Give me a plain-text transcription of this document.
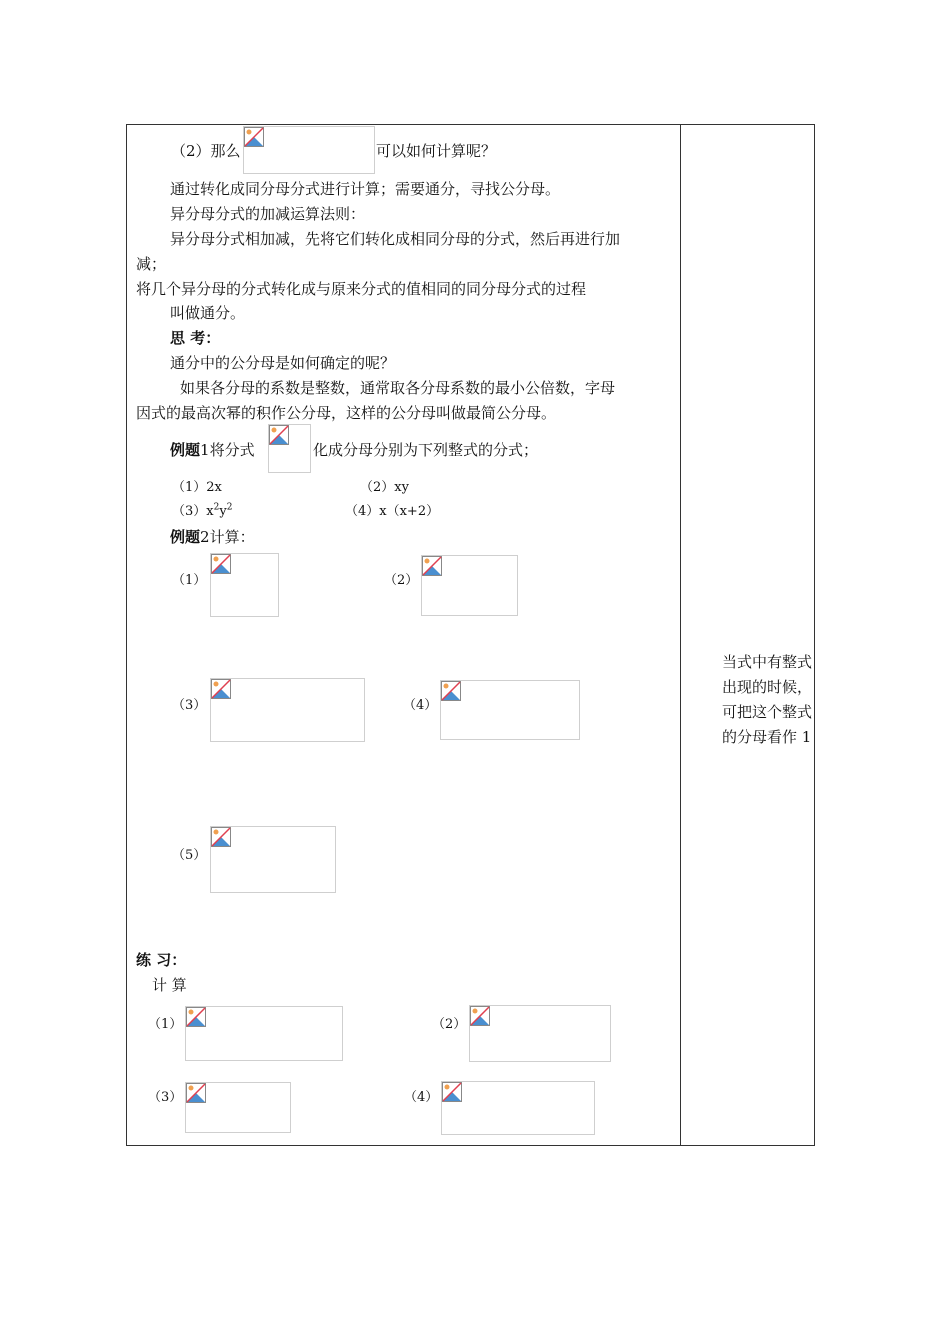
（2）那么	可以如何计算呢？
通过转化成同分母分式进行计算；需要通分，寻找公分母。
异分母分式的加减运算法则：
异分母分式相加减，先将它们转化成相同分母的分式，然后再进行加
减；
将几个异分母的分式转化成与原来分式的值相同的同分母分式的过程
叫做通分。
思 考：
通分中的公分母是如何确定的呢？
如果各分母的系数是整数，通常取各分母系数的最小公倍数，字母
因式的最高次幂的积作公分母，这样的公分母叫做最简公分母。
例题1将分式	化成分母分别为下列整式的分式；
（1）2x	（2）xy
$(3)x^2y^2$	（4）x（x+2）
例题2计算：
（1）	（2）
（3）	（4）
（5）
练 习：
计 算
（1）	（2）
（3）	（4）
当式中有整式出现的时候，可把这个整式的分母看作 1
